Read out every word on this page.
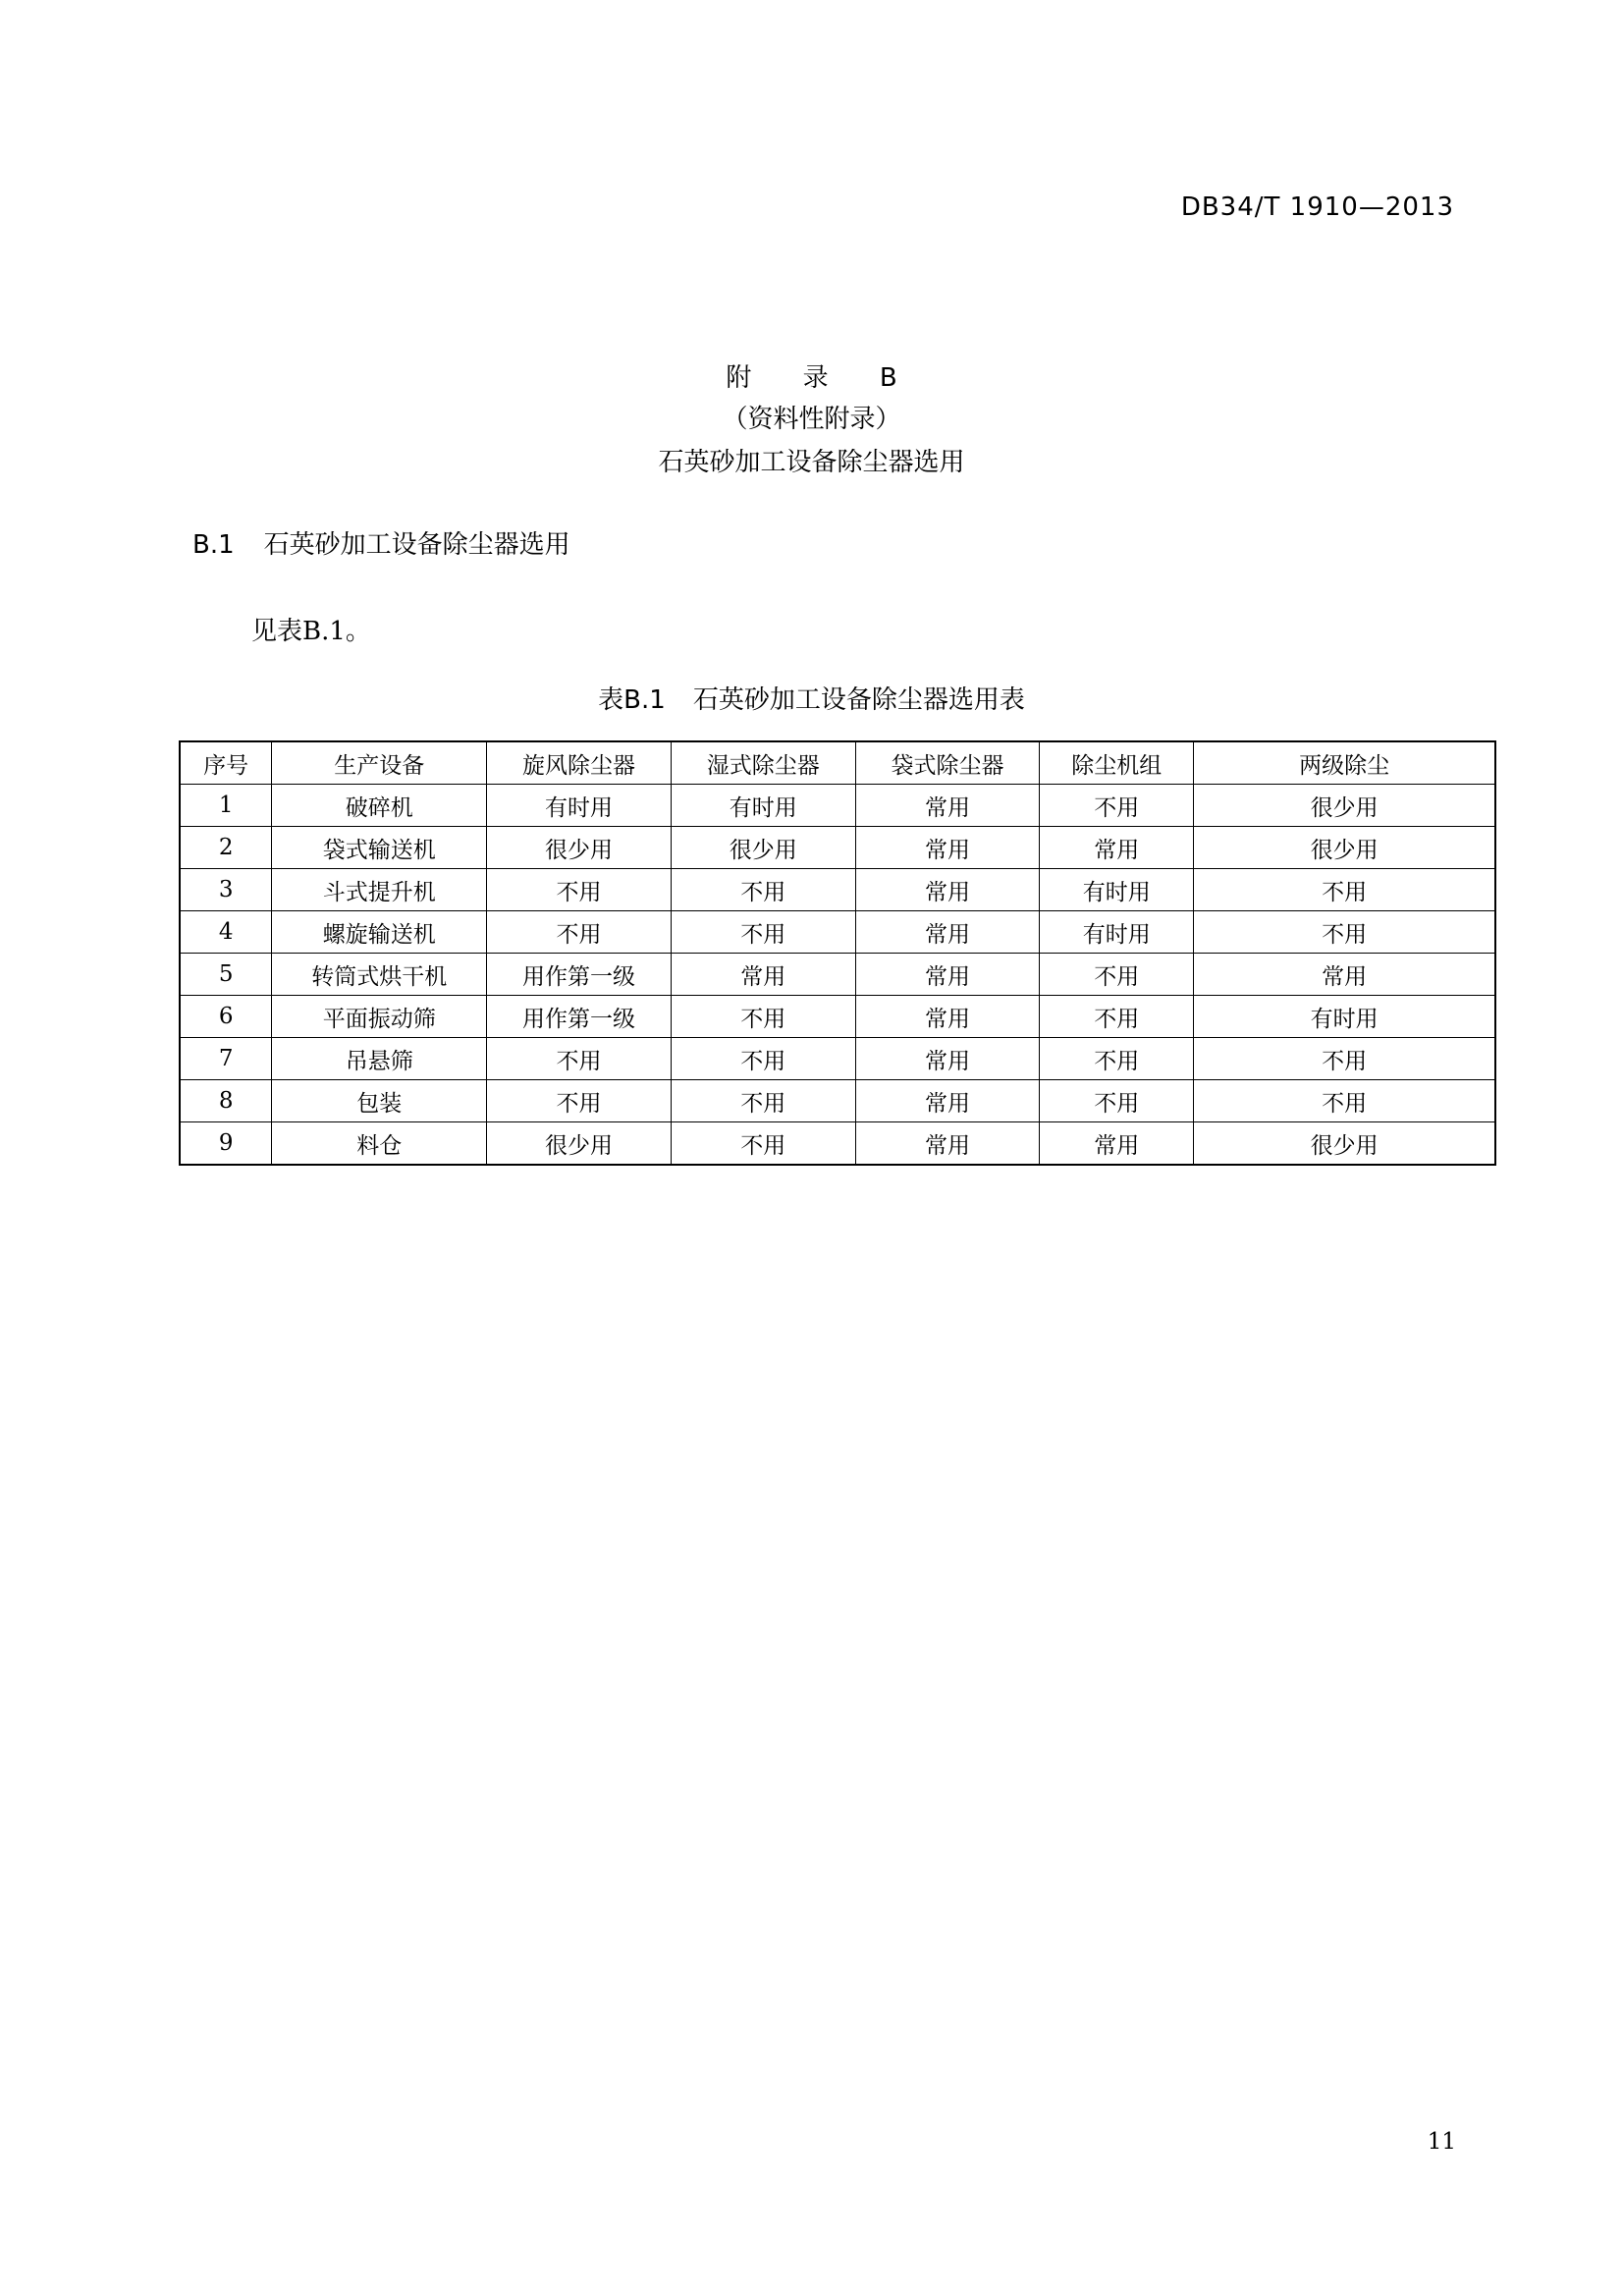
DB34/T 1910—2013
附 录 B
（资料性附录）
石英砂加工设备除尘器选用
B.1 石英砂加工设备除尘器选用
见表B.1。
表B.1 石英砂加工设备除尘器选用表
序号	生产设备	旋风除尘器	湿式除尘器	袋式除尘器	除尘机组	两级除尘
1	破碎机	有时用	有时用	常用	不用	很少用
2	袋式输送机	很少用	很少用	常用	常用	很少用
3	斗式提升机	不用	不用	常用	有时用	不用
4	螺旋输送机	不用	不用	常用	有时用	不用
5	转筒式烘干机	用作第一级	常用	常用	不用	常用
6	平面振动筛	用作第一级	不用	常用	不用	有时用
7	吊悬筛	不用	不用	常用	不用	不用
8	包装	不用	不用	常用	不用	不用
9	料仓	很少用	不用	常用	常用	很少用
11
